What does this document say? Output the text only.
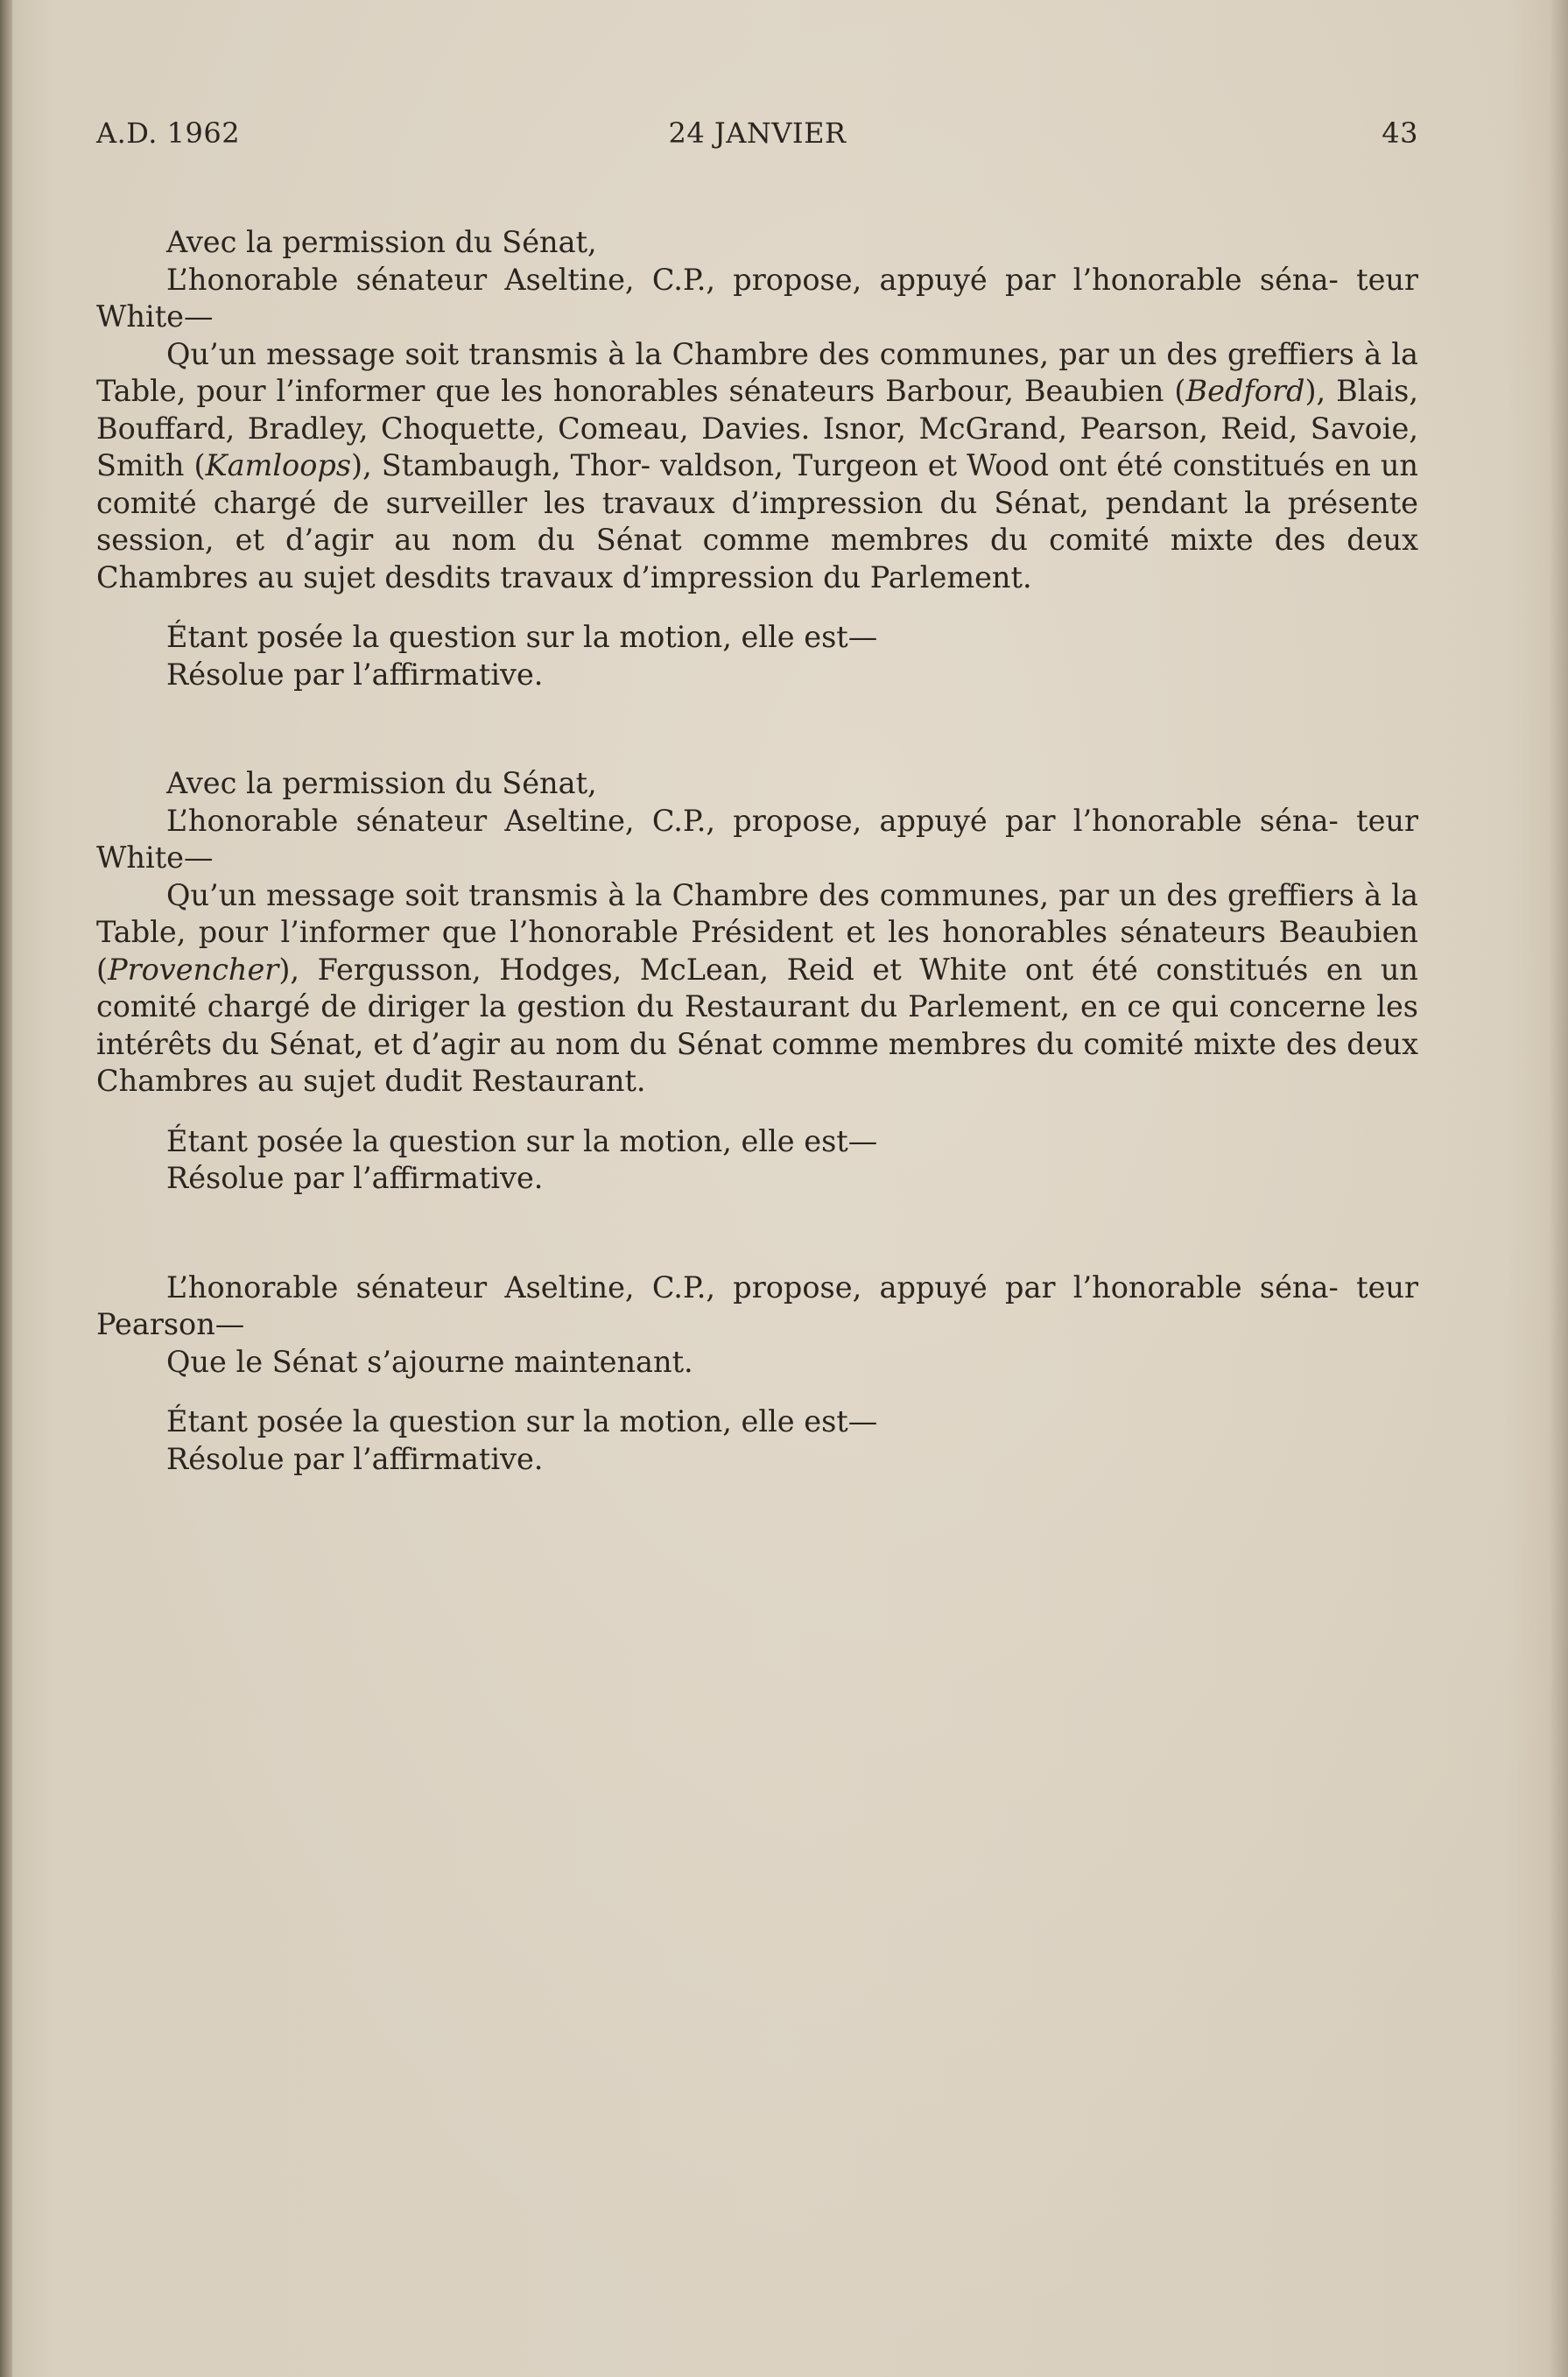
A.D. 1962	24 JANVIER	43

Avec la permission du Sénat,

L’honorable sénateur Aseltine, C.P., propose, appuyé par l’honorable séna- teur White—

Qu’un message soit transmis à la Chambre des communes, par un des greffiers à la Table, pour l’informer que les honorables sénateurs Barbour, Beaubien (Bedford), Blais, Bouffard, Bradley, Choquette, Comeau, Davies. Isnor, McGrand, Pearson, Reid, Savoie, Smith (Kamloops), Stambaugh, Thor- valdson, Turgeon et Wood ont été constitués en un comité chargé de surveiller les travaux d’impression du Sénat, pendant la présente session, et d’agir au nom du Sénat comme membres du comité mixte des deux Chambres au sujet desdits travaux d’impression du Parlement.

Étant posée la question sur la motion, elle est—

Résolue par l’affirmative.

Avec la permission du Sénat,

L’honorable sénateur Aseltine, C.P., propose, appuyé par l’honorable séna- teur White—

Qu’un message soit transmis à la Chambre des communes, par un des greffiers à la Table, pour l’informer que l’honorable Président et les honorables sénateurs Beaubien (Provencher), Fergusson, Hodges, McLean, Reid et White ont été constitués en un comité chargé de diriger la gestion du Restaurant du Parlement, en ce qui concerne les intérêts du Sénat, et d’agir au nom du Sénat comme membres du comité mixte des deux Chambres au sujet dudit Restaurant.

Étant posée la question sur la motion, elle est—

Résolue par l’affirmative.

L’honorable sénateur Aseltine, C.P., propose, appuyé par l’honorable séna- teur Pearson—

Que le Sénat s’ajourne maintenant.

Étant posée la question sur la motion, elle est—

Résolue par l’affirmative.
